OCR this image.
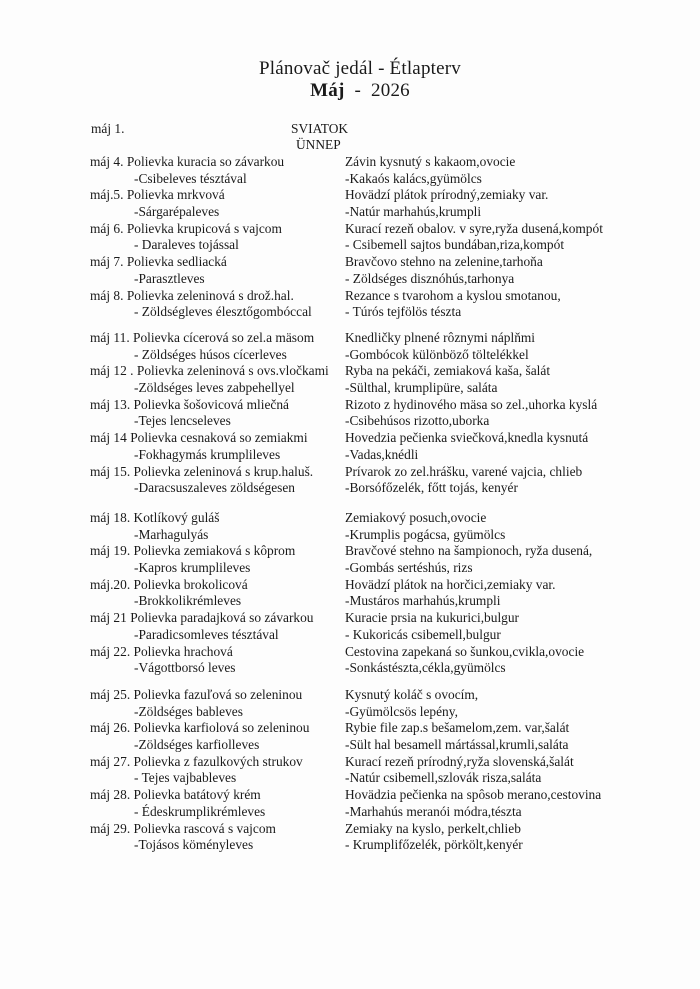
Plánovač jedál - Étlapterv
Máj - 2026
máj 1.	SVIATOK
ÜNNEP
máj 4. Polievka kuracia so závarkou
-Csibeleves tésztával
Závin kysnutý s kakaom,ovocie
-Kakaós kalács,gyümölcs
máj.5. Polievka mrkvová
-Sárgarépaleves
Hovädzí plátok prírodný,zemiaky var.
-Natúr marhahús,krumpli
máj 6. Polievka krupicová s vajcom
- Daraleves tojással
Kurací rezeň obalov. v syre,ryža dusená,kompót
- Csibemell sajtos bundában,riza,kompót
máj 7. Polievka sedliacká
-Parasztleves
Bravčovo stehno na zelenine,tarhoňa
- Zöldséges disznóhús,tarhonya
máj 8. Polievka zeleninová s drož.hal.
- Zöldségleves élesztőgombóccal
Rezance s tvarohom a kyslou smotanou,
- Túrós tejfölös tészta
máj 11. Polievka cícerová so zel.a mäsom
- Zöldséges húsos cícerleves
Knedličky plnené rôznymi náplňmi
-Gombócok különböző töltelékkel
máj 12 . Polievka zeleninová s ovs.vločkami
-Zöldséges leves zabpehellyel
Ryba na pekáči, zemiaková kaša, šalát
-Sülthal, krumplipüre, saláta
máj 13. Polievka šošovicová mliečná
-Tejes lencseleves
Rizoto z hydinového mäsa so zel.,uhorka kyslá
-Csibehúsos rizotto,uborka
máj 14 Polievka cesnaková so zemiakmi
-Fokhagymás krumplileves
Hovedzia pečienka sviečková,knedla kysnutá
-Vadas,knédli
máj 15. Polievka zeleninová s krup.haluš.
-Daracsuszaleves zöldségesen
Prívarok zo zel.hrášku, varené vajcia, chlieb
-Borsófőzelék, főtt tojás, kenyér
máj 18. Kotlíkový guláš
-Marhagulyás
Zemiakový posuch,ovocie
-Krumplis pogácsa, gyümölcs
máj 19. Polievka zemiaková s kôprom
-Kapros krumplileves
Bravčové stehno na šampionoch, ryža dusená,
-Gombás sertéshús, rizs
máj.20. Polievka brokolicová
-Brokkolikrémleves
Hovädzí plátok na horčici,zemiaky var.
-Mustáros marhahús,krumpli
máj 21 Polievka paradajková so závarkou
-Paradicsomleves tésztával
Kuracie prsia na kukurici,bulgur
- Kukoricás csibemell,bulgur
máj 22. Polievka hrachová
-Vágottborsó leves
Cestovina zapekaná so šunkou,cvikla,ovocie
-Sonkástészta,cékla,gyümölcs
máj 25. Polievka fazuľová so zeleninou
-Zöldséges bableves
Kysnutý koláč s ovocím,
-Gyümölcsös lepény,
máj 26. Polievka karfiolová so zeleninou
-Zöldséges karfiolleves
Rybie file zap.s bešamelom,zem. var,šalát
-Sült hal besamell mártással,krumli,saláta
máj 27. Polievka z fazulkových strukov
- Tejes vajbableves
Kurací rezeň prírodný,ryža slovenská,šalát
-Natúr csibemell,szlovák risza,saláta
máj 28. Polievka batátový krém
- Édeskrumplikrémleves
Hovädzia pečienka na spôsob merano,cestovina
-Marhahús meranói módra,tészta
máj 29. Polievka rascová s vajcom
-Tojásos köményleves
Zemiaky na kyslo, perkelt,chlieb
- Krumplifőzelék, pörkölt,kenyér
